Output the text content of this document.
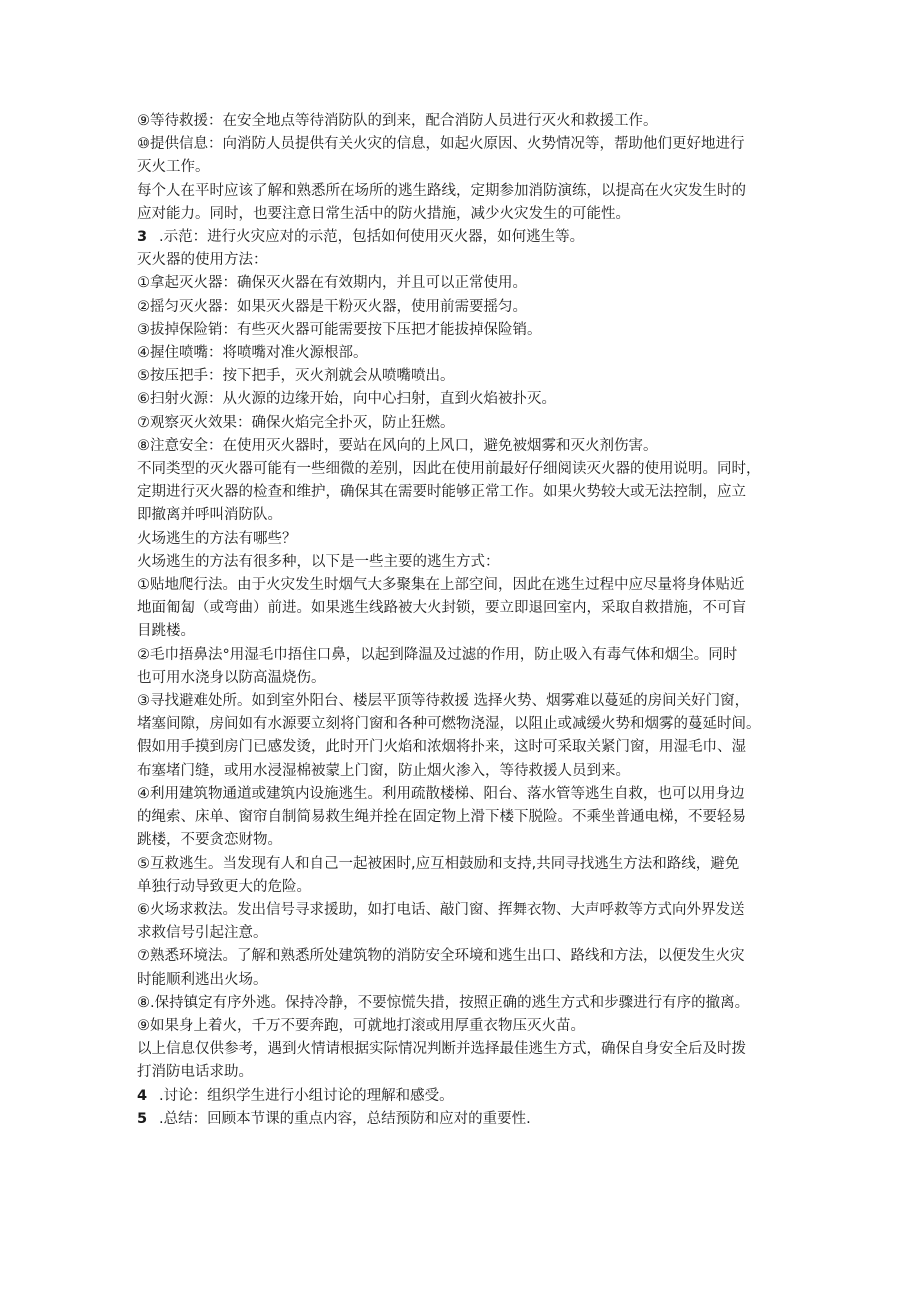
⑨等待救援：在安全地点等待消防队的到来，配合消防人员进行灭火和救援工作。
⑩提供信息：向消防人员提供有关火灾的信息，如起火原因、火势情况等，帮助他们更好地进行
灭火工作。
每个人在平时应该了解和熟悉所在场所的逃生路线，定期参加消防演练，以提高在火灾发生时的
应对能力。同时，也要注意日常生活中的防火措施，减少火灾发生的可能性。
3 .示范：进行火灾应对的示范，包括如何使用灭火器，如何逃生等。
灭火器的使用方法：
①拿起灭火器：确保灭火器在有效期内，并且可以正常使用。
②摇匀灭火器：如果灭火器是干粉灭火器，使用前需要摇匀。
③拔掉保险销：有些灭火器可能需要按下压把才能拔掉保险销。
④握住喷嘴：将喷嘴对准火源根部。
⑤按压把手：按下把手，灭火剂就会从喷嘴喷出。
⑥扫射火源：从火源的边缘开始，向中心扫射，直到火焰被扑灭。
⑦观察灭火效果：确保火焰完全扑灭，防止狂燃。
⑧注意安全：在使用灭火器时，要站在风向的上风口，避免被烟雾和灭火剂伤害。
不同类型的灭火器可能有一些细微的差别，因此在使用前最好仔细阅读灭火器的使用说明。同时，
定期进行灭火器的检查和维护，确保其在需要时能够正常工作。如果火势较大或无法控制，应立
即撤离并呼叫消防队。
火场逃生的方法有哪些？
火场逃生的方法有很多种，以下是一些主要的逃生方式：
①贴地爬行法。由于火灾发生时烟气大多聚集在上部空间，因此在逃生过程中应尽量将身体贴近
地面匍匐（或弯曲）前进。如果逃生线路被大火封锁，要立即退回室内，采取自救措施，不可盲
目跳楼。
②毛巾捂鼻法°用湿毛巾捂住口鼻，以起到降温及过滤的作用，防止吸入有毒气体和烟尘。同时
也可用水浇身以防高温烧伤。
③寻找避难处所。如到室外阳台、楼层平顶等待救援 选择火势、烟雾难以蔓延的房间关好门窗，
堵塞间隙，房间如有水源要立刻将门窗和各种可燃物浇湿，以阻止或减缓火势和烟雾的蔓延时间。
假如用手摸到房门已感发烫，此时开门火焰和浓烟将扑来，这时可采取关紧门窗，用湿毛巾、湿
布塞堵门缝，或用水浸湿棉被蒙上门窗，防止烟火渗入，等待救援人员到来。
④利用建筑物通道或建筑内设施逃生。利用疏散楼梯、阳台、落水管等逃生自救，也可以用身边
的绳索、床单、窗帘自制简易救生绳并拴在固定物上滑下楼下脱险。不乘坐普通电梯，不要轻易
跳楼，不要贪恋财物。
⑤互救逃生。当发现有人和自己一起被困时,应互相鼓励和支持,共同寻找逃生方法和路线，避免
单独行动导致更大的危险。
⑥火场求救法。发出信号寻求援助，如打电话、敲门窗、挥舞衣物、大声呼救等方式向外界发送
求救信号引起注意。
⑦熟悉环境法。了解和熟悉所处建筑物的消防安全环境和逃生出口、路线和方法，以便发生火灾
时能顺利逃出火场。
⑧.保持镇定有序外逃。保持冷静，不要惊慌失措，按照正确的逃生方式和步骤进行有序的撤离。
⑨如果身上着火，千万不要奔跑，可就地打滚或用厚重衣物压灭火苗。
以上信息仅供参考，遇到火情请根据实际情况判断并选择最佳逃生方式，确保自身安全后及时拨
打消防电话求助。
4 .讨论：组织学生进行小组讨论的理解和感受。
5 .总结：回顾本节课的重点内容，总结预防和应对的重要性.
